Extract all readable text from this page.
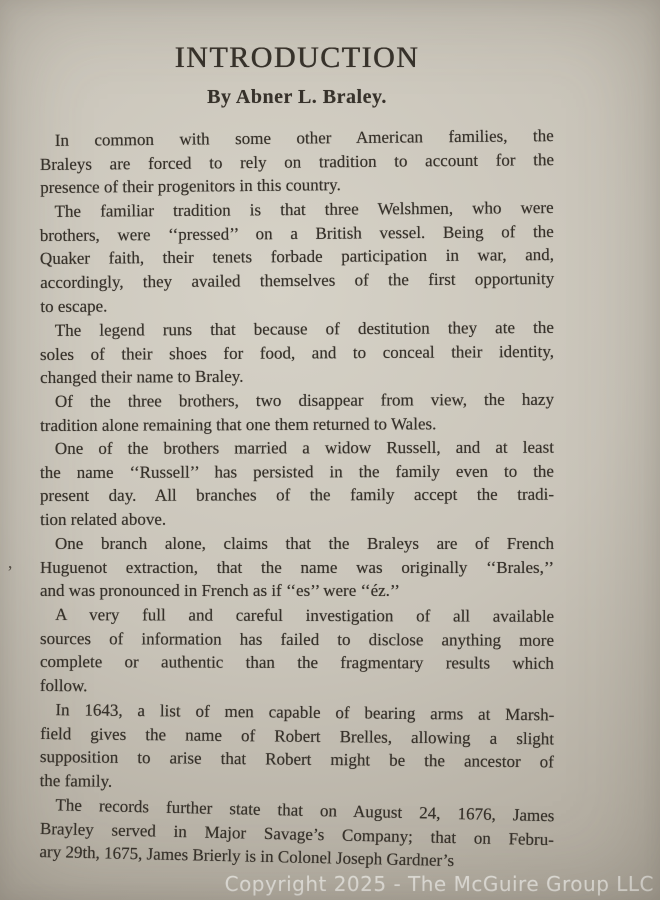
INTRODUCTION
By Abner L. Braley.
In common with some other American families, the
Braleys are forced to rely on tradition to account for the
presence of their progenitors in this country.
The familiar tradition is that three Welshmen, who were
brothers, were ‘‘pressed’’ on a British vessel. Being of the
Quaker faith, their tenets forbade participation in war, and,
accordingly, they availed themselves of the first opportunity
to escape.
The legend runs that because of destitution they ate the
soles of their shoes for food, and to conceal their identity,
changed their name to Braley.
Of the three brothers, two disappear from view, the hazy
tradition alone remaining that one them returned to Wales.
One of the brothers married a widow Russell, and at least
the name ‘‘Russell’’ has persisted in the family even to the
present day. All branches of the family accept the tradi-
tion related above.
One branch alone, claims that the Braleys are of French
Huguenot extraction, that the name was originally ‘‘Brales,’’
and was pronounced in French as if ‘‘es’’ were ‘‘éz.’’
A very full and careful investigation of all available
sources of information has failed to disclose anything more
complete or authentic than the fragmentary results which
follow.
In 1643, a list of men capable of bearing arms at Marsh-
field gives the name of Robert Brelles, allowing a slight
supposition to arise that Robert might be the ancestor of
the family.
The records further state that on August 24, 1676, James
Brayley served in Major Savage’s Company; that on Febru-
ary 29th, 1675, James Brierly is in Colonel Joseph Gardner’s
’
Copyright 2025 - The McGuire Group LLC
